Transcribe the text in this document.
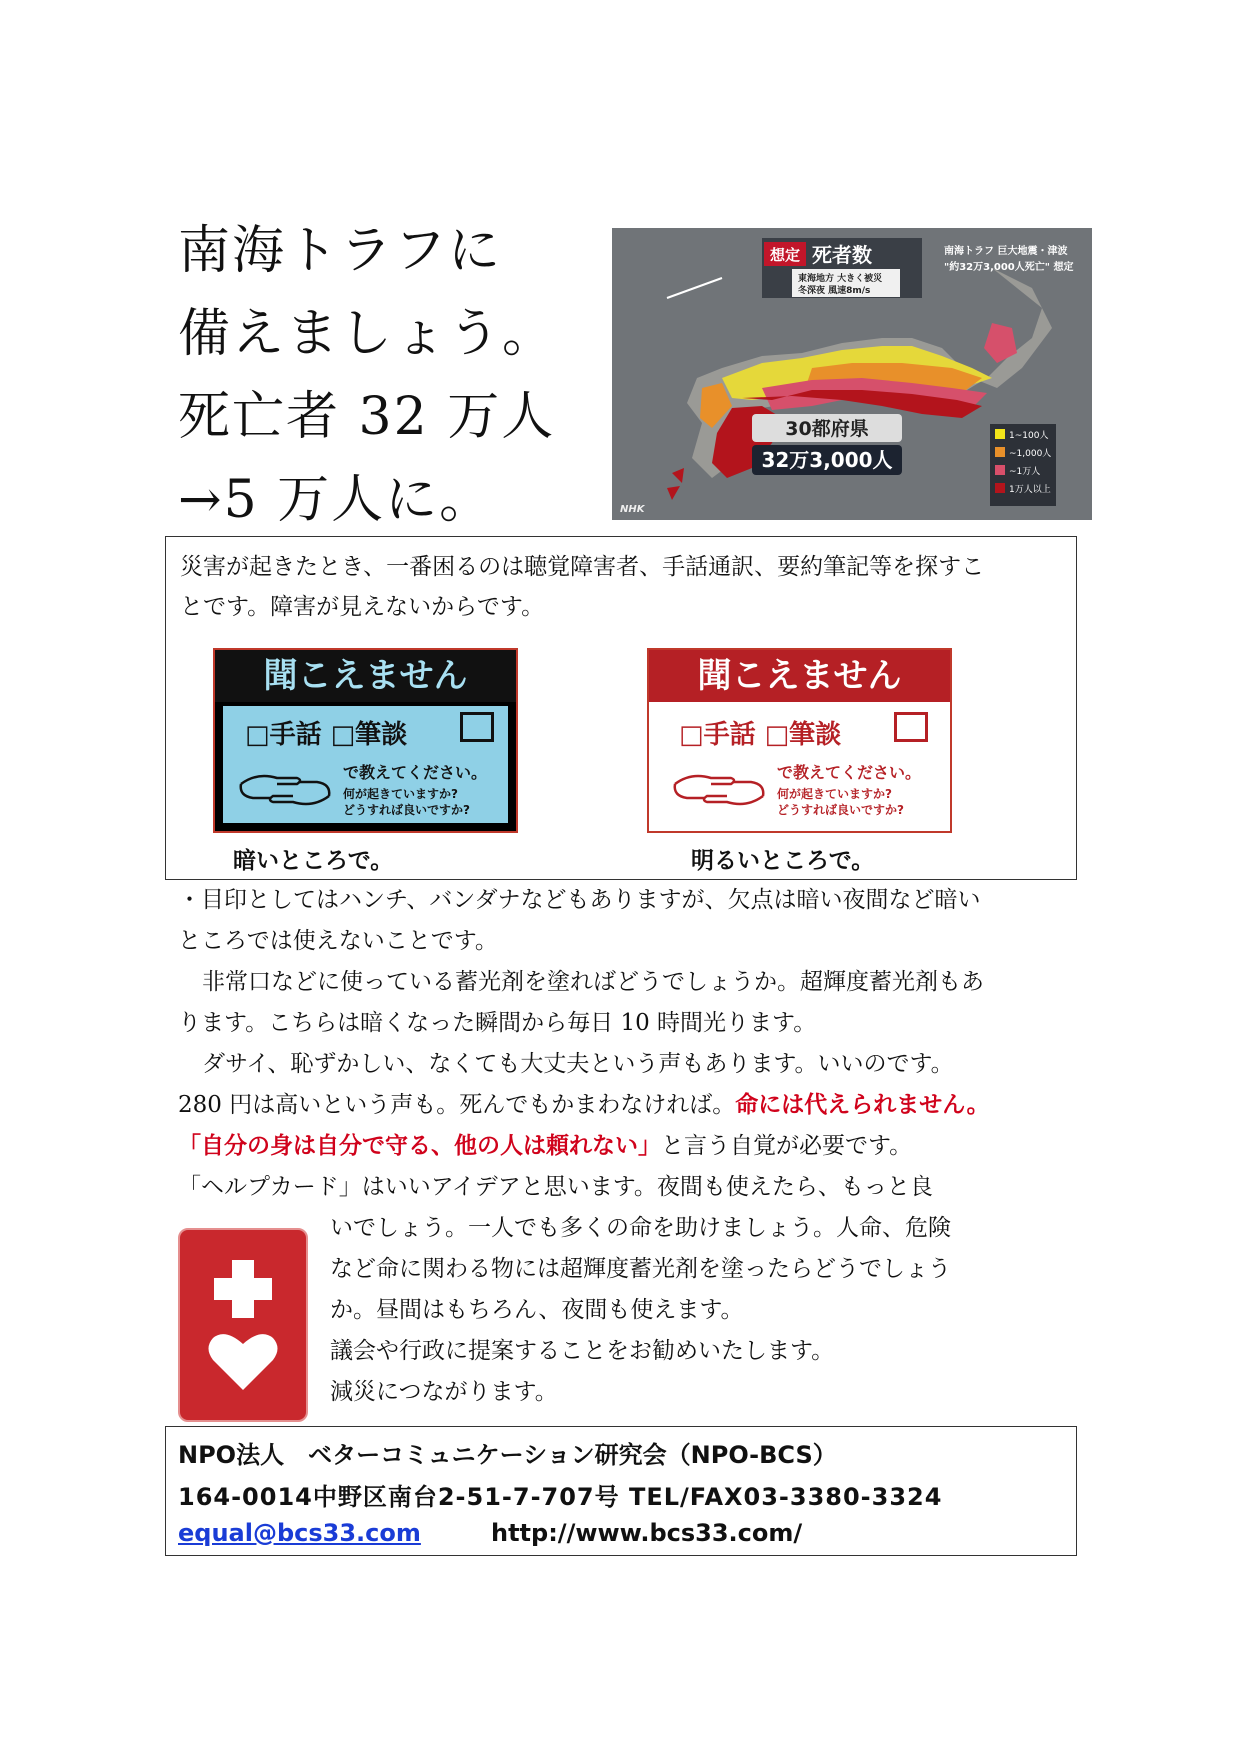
南海トラフに
備えましょう。
死亡者 32 万人
→5 万人に。
想定 死者数
東海地方 大きく被災
冬深夜 風速8m/s
南海トラフ 巨大地震・津波
"約32万3,000人死亡" 想定
30都府県
32万3,000人
1~100人
~1,000人
~1万人
1万人以上
NHK

災害が起きたとき、一番困るのは聴覚障害者、手話通訳、要約筆記等を探すこ
とです。障害が見えないからです。

聞こえません
□手話 □筆談
で教えてください。
何が起きていますか?
どうすれば良いですか?
聞こえません
□手話 □筆談
で教えてください。
何が起きていますか?
どうすれば良いですか?
暗いところで。	明るいところで。
・目印としてはハンチ、バンダナなどもありますが、欠点は暗い夜間など暗い
ところでは使えないことです。
非常口などに使っている蓄光剤を塗ればどうでしょうか。超輝度蓄光剤もあ
ります。こちらは暗くなった瞬間から毎日 10 時間光ります。
ダサイ、恥ずかしい、なくても大丈夫という声もあります。いいのです。
280 円は高いという声も。死んでもかまわなければ。命には代えられません。
「自分の身は自分で守る、他の人は頼れない」と言う自覚が必要です。
「ヘルプカード」はいいアイデアと思います。夜間も使えたら、もっと良
いでしょう。一人でも多くの命を助けましょう。人命、危険
など命に関わる物には超輝度蓄光剤を塗ったらどうでしょう
か。昼間はもちろん、夜間も使えます。
議会や行政に提案することをお勧めいたします。
減災につながります。
NPO法人　ベターコミュニケーション研究会（NPO-BCS）
164-0014中野区南台2-51-7-707号 TEL/FAX03-3380-3324
equal@bcs33.com	http://www.bcs33.com/
